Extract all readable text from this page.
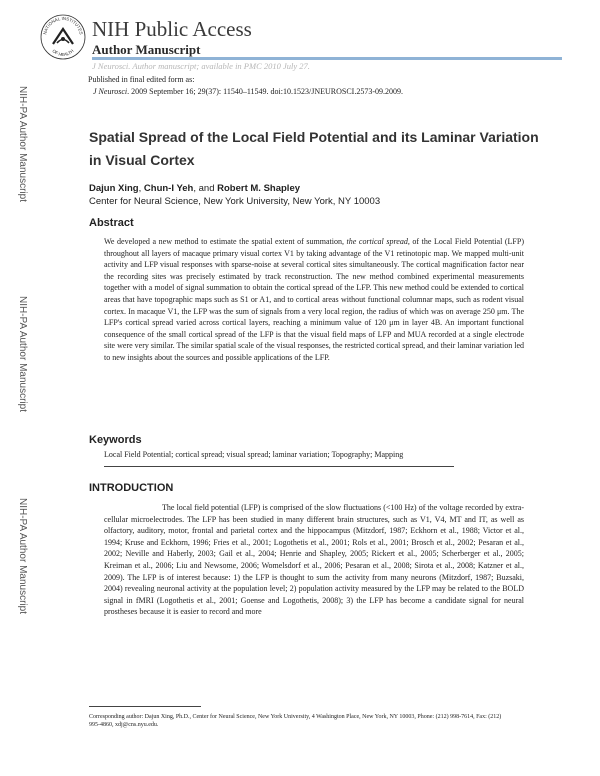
NATIONAL INSTITUTES
OF HEALTH
NIH Public Access
Author Manuscript
J Neurosci. Author manuscript; available in PMC 2010 July 27.
Published in final edited form as:
J Neurosci. 2009 September 16; 29(37): 11540–11549. doi:10.1523/JNEUROSCI.2573-09.2009.
NIH-PA Author Manuscript
NIH-PA Author Manuscript
NIH-PA Author Manuscript
Spatial Spread of the Local Field Potential and its Laminar Variation in Visual Cortex
Dajun Xing, Chun-I Yeh, and Robert M. Shapley
Center for Neural Science, New York University, New York, NY 10003
Abstract
We developed a new method to estimate the spatial extent of summation, the cortical spread, of the Local Field Potential (LFP) throughout all layers of macaque primary visual cortex V1 by taking advantage of the V1 retinotopic map. We mapped multi-unit activity and LFP visual responses with sparse-noise at several cortical sites simultaneously. The cortical magnification factor near the recording sites was precisely estimated by track reconstruction. The new method combined experimental measurements together with a model of signal summation to obtain the cortical spread of the LFP. This new method could be extended to cortical areas that have topographic maps such as S1 or A1, and to cortical areas without functional columnar maps, such as rodent visual cortex. In macaque V1, the LFP was the sum of signals from a very local region, the radius of which was on average 250 μm. The LFP's cortical spread varied across cortical layers, reaching a minimum value of 120 μm in layer 4B. An important functional consequence of the small cortical spread of the LFP is that the visual field maps of LFP and MUA recorded at a single electrode site were very similar. The similar spatial scale of the visual responses, the restricted cortical spread, and their laminar variation led to new insights about the sources and possible applications of the LFP.
Keywords
Local Field Potential; cortical spread; visual spread; laminar variation; Topography; Mapping
INTRODUCTION
The local field potential (LFP) is comprised of the slow fluctuations (<100 Hz) of the voltage recorded by extra-cellular microelectrodes. The LFP has been studied in many different brain structures, such as V1, V4, MT and IT, as well as olfactory, auditory, motor, frontal and parietal cortex and the hippocampus (Mitzdorf, 1987; Eckhorn et al., 1988; Victor et al., 1994; Kruse and Eckhorn, 1996; Fries et al., 2001; Logothetis et al., 2001; Rols et al., 2001; Brosch et al., 2002; Pesaran et al., 2002; Neville and Haberly, 2003; Gail et al., 2004; Henrie and Shapley, 2005; Rickert et al., 2005; Scherberger et al., 2005; Kreiman et al., 2006; Liu and Newsome, 2006; Womelsdorf et al., 2006; Pesaran et al., 2008; Sirota et al., 2008; Katzner et al., 2009). The LFP is of interest because: 1) the LFP is thought to sum the activity from many neurons (Mitzdorf, 1987; Buzsaki, 2004) revealing neuronal activity at the population level; 2) population activity measured by the LFP may be related to the BOLD signal in fMRI (Logothetis et al., 2001; Goense and Logothetis, 2008); 3) the LFP has become a candidate signal for neural prostheses because it is easier to record and more
Corresponding author: Dajun Xing, Ph.D., Center for Neural Science, New York University, 4 Washington Place, New York, NY 10003, Phone: (212) 998-7614, Fax: (212) 995-4860, xdj@cns.nyu.edu.
